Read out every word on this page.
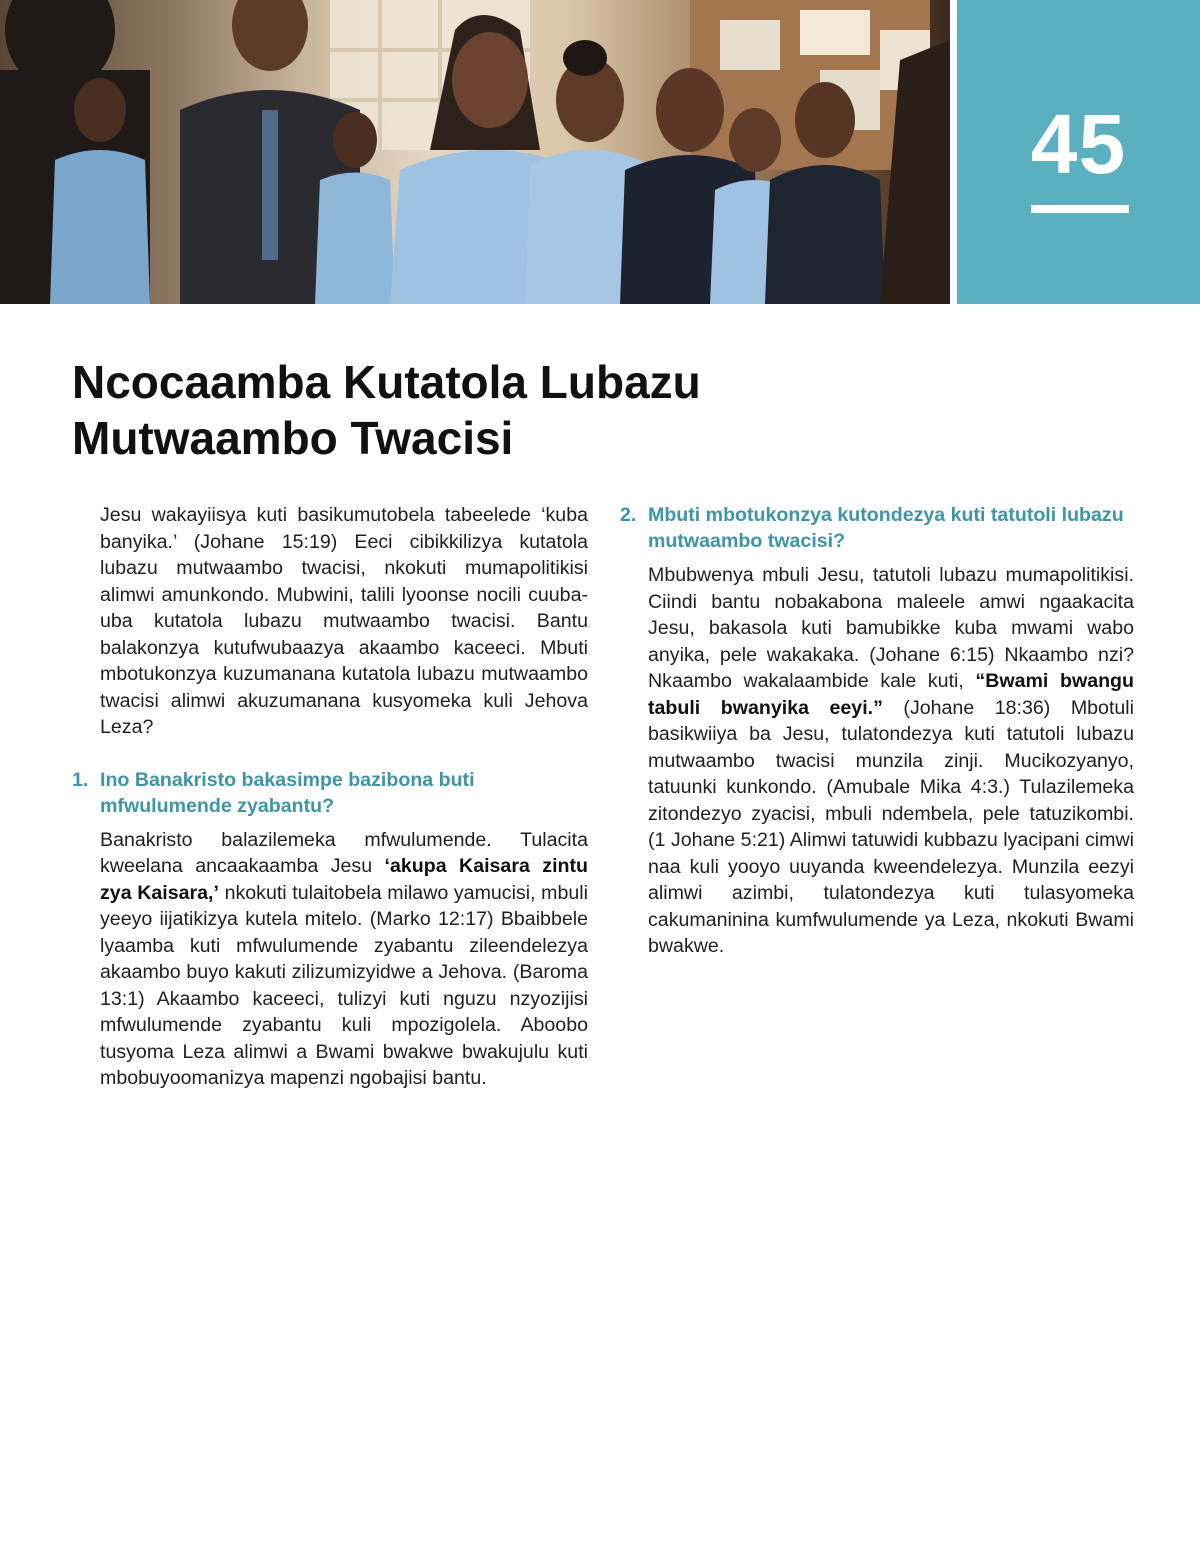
45
Ncocaamba Kutatola Lubazu
Mutwaambo Twacisi

Jesu wakayiisya kuti basikumutobela tabeelede ‘kuba banyika.’ (Johane 15:19) Eeci cibikkilizya kutatola lubazu mutwaambo twacisi, nkokuti mumapolitikisi alimwi amunkondo. Mubwini, talili lyoonse nocili cuuba-uba kutatola lubazu mutwaambo twacisi. Bantu balakonzya kutufwubaazya akaambo kaceeci. Mbuti mbotukonzya kuzumanana kutatola lubazu mutwaambo twacisi alimwi akuzumanana kusyomeka kuli Jehova Leza?

1. Ino Banakristo bakasimpe bazibona buti mfwulumende zyabantu?

Banakristo balazilemeka mfwulumende. Tulacita kweelana ancaakaamba Jesu ‘akupa Kaisara zintu zya Kaisara,’ nkokuti tulaitobela milawo yamucisi, mbuli yeeyo iijatikizya kutela mitelo. (Marko 12:17) Bbaibbele lyaamba kuti mfwulumende zyabantu zileendelezya akaambo buyo kakuti zilizumizyidwe a Jehova. (Baroma 13:1) Akaambo kaceeci, tulizyi kuti nguzu nzyozijisi mfwulumende zyabantu kuli mpozigolela. Aboobo tusyoma Leza alimwi a Bwami bwakwe bwakujulu kuti mbobuyoomanizya mapenzi ngobajisi bantu.

2. Mbuti mbotukonzya kutondezya kuti tatutoli lubazu mutwaambo twacisi?

Mbubwenya mbuli Jesu, tatutoli lubazu mumapolitikisi. Ciindi bantu nobakabona maleele amwi ngaakacita Jesu, bakasola kuti bamubikke kuba mwami wabo anyika, pele wakakaka. (Johane 6:15) Nkaambo nzi? Nkaambo wakalaambide kale kuti, “Bwami bwangu tabuli bwanyika eeyi.” (Johane 18:36) Mbotuli basikwiiya ba Jesu, tulatondezya kuti tatutoli lubazu mutwaambo twacisi munzila zinji. Mucikozyanyo, tatuunki kunkondo. (Amubale Mika 4:3.) Tulazilemeka zitondezyo zyacisi, mbuli ndembela, pele tatuzikombi. (1 Johane 5:21) Alimwi tatuwidi kubbazu lyacipani cimwi naa kuli yooyo uuyanda kweendelezya. Munzila eezyi alimwi azimbi, tulatondezya kuti tulasyomeka cakumaninina kumfwulumende ya Leza, nkokuti Bwami bwakwe.
